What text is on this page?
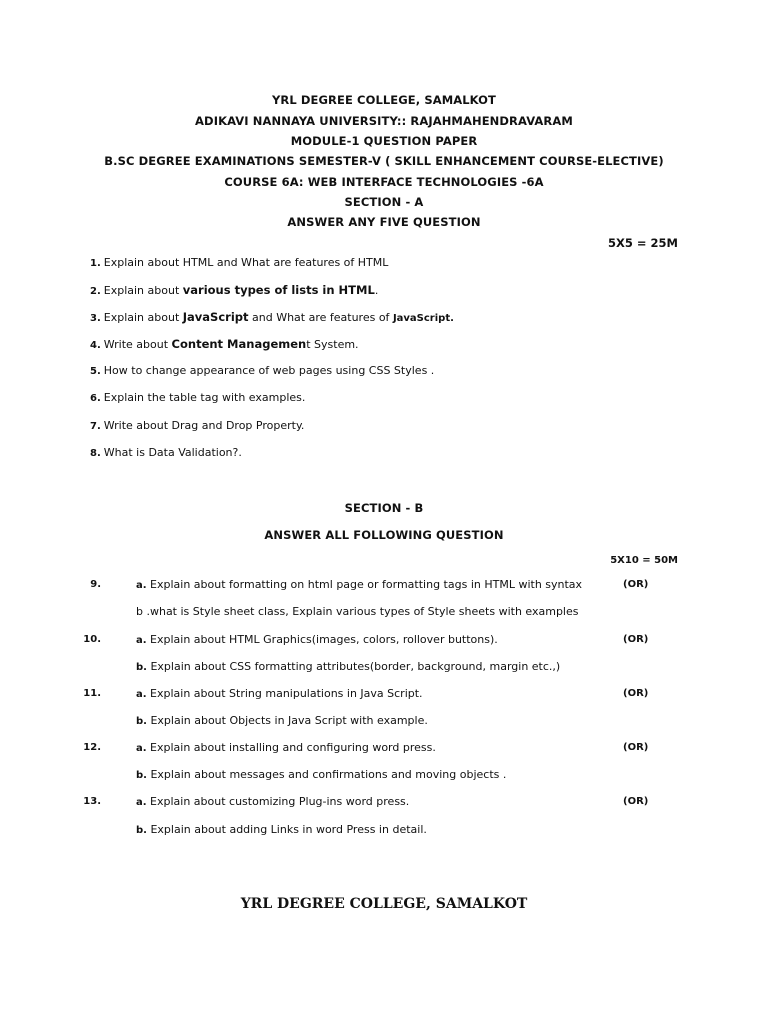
YRL DEGREE COLLEGE, SAMALKOT
ADIKAVI NANNAYA UNIVERSITY:: RAJAHMAHENDRAVARAM
MODULE-1 QUESTION PAPER
B.SC DEGREE EXAMINATIONS SEMESTER-V ( SKILL ENHANCEMENT COURSE-ELECTIVE)
COURSE 6A: WEB INTERFACE TECHNOLOGIES -6A
SECTION - A
ANSWER ANY FIVE QUESTION
5X5 = 25M
1. Explain about HTML and What are features of HTML
2. Explain about various types of lists in HTML.
3. Explain about JavaScript and What are features of JavaScript.
4. Write about Content Management System.
5. How to change appearance of web pages using CSS Styles .
6. Explain the table tag with examples.
7. Write about Drag and Drop Property.
8. What is Data Validation?.
SECTION - B
ANSWER ALL FOLLOWING QUESTION
5X10 = 50M
9.	a. Explain about formatting on html page or formatting tags in HTML with syntax	(OR)
b .what is Style sheet class, Explain various types of Style sheets with examples
10.	a. Explain about HTML Graphics(images, colors, rollover buttons).	(OR)
b. Explain about CSS formatting attributes(border, background, margin etc.,)
11.	a. Explain about String manipulations in Java Script.	(OR)
b. Explain about Objects in Java Script with example.
12.	a. Explain about installing and configuring word press.	(OR)
b. Explain about messages and confirmations and moving objects .
13.	a. Explain about customizing Plug-ins word press.	(OR)
b. Explain about adding Links in word Press in detail.
YRL DEGREE COLLEGE, SAMALKOT
